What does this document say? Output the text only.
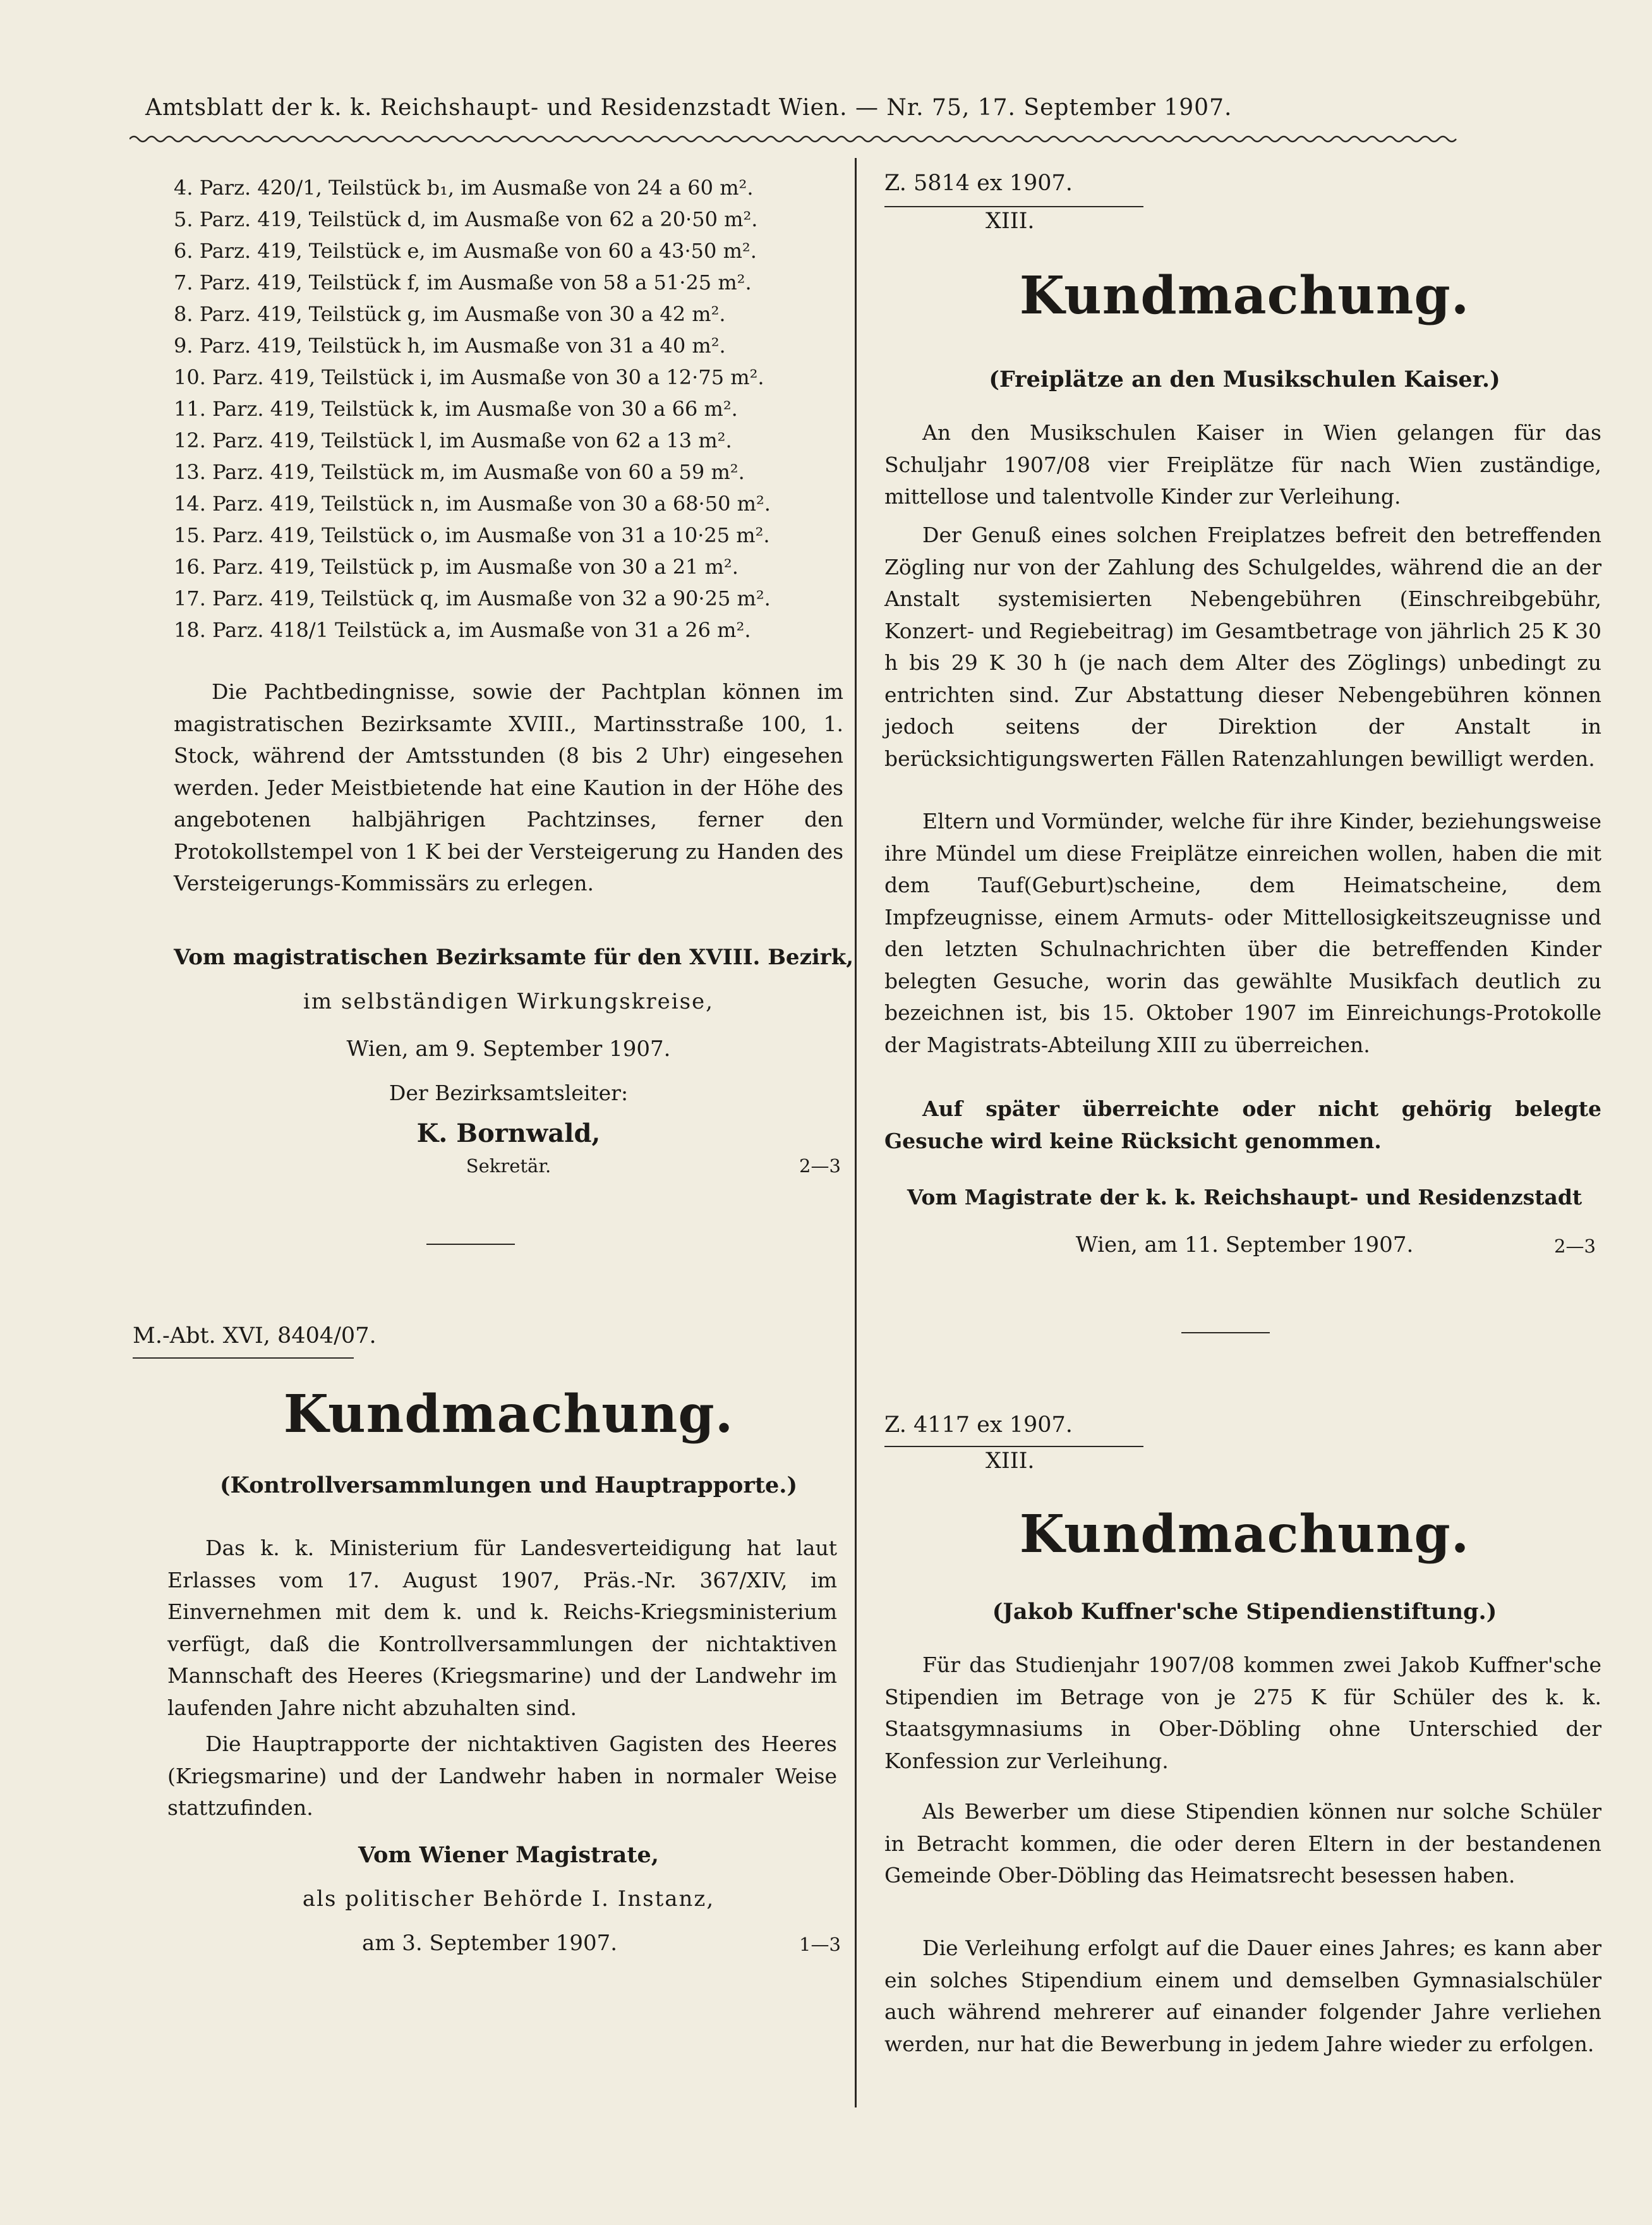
Amtsblatt der k. k. Reichshaupt- und Residenzstadt Wien. — Nr. 75, 17. September 1907.
4. Parz. 420/1, Teilstück b₁, im Ausmaße von 24 a 60 m².
5. Parz. 419, Teilstück d, im Ausmaße von 62 a 20·50 m².
6. Parz. 419, Teilstück e, im Ausmaße von 60 a 43·50 m².
7. Parz. 419, Teilstück f, im Ausmaße von 58 a 51·25 m².
8. Parz. 419, Teilstück g, im Ausmaße von 30 a 42 m².
9. Parz. 419, Teilstück h, im Ausmaße von 31 a 40 m².
10. Parz. 419, Teilstück i, im Ausmaße von 30 a 12·75 m².
11. Parz. 419, Teilstück k, im Ausmaße von 30 a 66 m².
12. Parz. 419, Teilstück l, im Ausmaße von 62 a 13 m².
13. Parz. 419, Teilstück m, im Ausmaße von 60 a 59 m².
14. Parz. 419, Teilstück n, im Ausmaße von 30 a 68·50 m².
15. Parz. 419, Teilstück o, im Ausmaße von 31 a 10·25 m².
16. Parz. 419, Teilstück p, im Ausmaße von 30 a 21 m².
17. Parz. 419, Teilstück q, im Ausmaße von 32 a 90·25 m².
18. Parz. 418/1 Teilstück a, im Ausmaße von 31 a 26 m².
Die Pachtbedingnisse, sowie der Pachtplan können im magistratischen Bezirksamte XVIII., Martinsstraße 100, 1. Stock, während der Amtsstunden (8 bis 2 Uhr) eingesehen werden. Jeder Meistbietende hat eine Kaution in der Höhe des angebotenen halbjährigen Pachtzinses, ferner den Protokollstempel von 1 K bei der Versteigerung zu Handen des Versteigerungs-Kommissärs zu erlegen.
Vom magistratischen Bezirksamte für den XVIII. Bezirk,
im selbständigen Wirkungskreise,
Wien, am 9. September 1907.
Der Bezirksamtsleiter:
K. Bornwald,
Sekretär.	2—3
M.-Abt. XVI, 8404/07.
Kundmachung.
(Kontrollversammlungen und Hauptrapporte.)
Das k. k. Ministerium für Landesverteidigung hat laut Erlasses vom 17. August 1907, Präs.-Nr. 367/XIV, im Einvernehmen mit dem k. und k. Reichs-Kriegsministerium verfügt, daß die Kontrollversammlungen der nichtaktiven Mannschaft des Heeres (Kriegsmarine) und der Landwehr im laufenden Jahre nicht abzuhalten sind.
Die Hauptrapporte der nichtaktiven Gagisten des Heeres (Kriegsmarine) und der Landwehr haben in normaler Weise stattzufinden.
Vom Wiener Magistrate,
als politischer Behörde I. Instanz,
am 3. September 1907.	1—3
Z. 5814 ex 1907.
XIII.
Kundmachung.
(Freiplätze an den Musikschulen Kaiser.)
An den Musikschulen Kaiser in Wien gelangen für das Schuljahr 1907/08 vier Freiplätze für nach Wien zuständige, mittellose und talentvolle Kinder zur Verleihung.
Der Genuß eines solchen Freiplatzes befreit den betreffenden Zögling nur von der Zahlung des Schulgeldes, während die an der Anstalt systemisierten Nebengebühren (Einschreibgebühr, Konzert- und Regiebeitrag) im Gesamtbetrage von jährlich 25 K 30 h bis 29 K 30 h (je nach dem Alter des Zöglings) unbedingt zu entrichten sind. Zur Abstattung dieser Nebengebühren können jedoch seitens der Direktion der Anstalt in berücksichtigungswerten Fällen Ratenzahlungen bewilligt werden.
Eltern und Vormünder, welche für ihre Kinder, beziehungsweise ihre Mündel um diese Freiplätze einreichen wollen, haben die mit dem Tauf(Geburt)scheine, dem Heimatscheine, dem Impfzeugnisse, einem Armuts- oder Mittellosigkeitszeugnisse und den letzten Schulnachrichten über die betreffenden Kinder belegten Gesuche, worin das gewählte Musikfach deutlich zu bezeichnen ist, bis 15. Oktober 1907 im Einreichungs-Protokolle der Magistrats-Abteilung XIII zu überreichen.
Auf später überreichte oder nicht gehörig belegte Gesuche wird keine Rücksicht genommen.
Vom Magistrate der k. k. Reichshaupt- und Residenzstadt
Wien, am 11. September 1907.	2—3
Z. 4117 ex 1907.
XIII.
Kundmachung.
(Jakob Kuffner'sche Stipendienstiftung.)
Für das Studienjahr 1907/08 kommen zwei Jakob Kuffner'sche Stipendien im Betrage von je 275 K für Schüler des k. k. Staatsgymnasiums in Ober-Döbling ohne Unterschied der Konfession zur Verleihung.
Als Bewerber um diese Stipendien können nur solche Schüler in Betracht kommen, die oder deren Eltern in der bestandenen Gemeinde Ober-Döbling das Heimatsrecht besessen haben.
Die Verleihung erfolgt auf die Dauer eines Jahres; es kann aber ein solches Stipendium einem und demselben Gymnasialschüler auch während mehrerer auf einander folgender Jahre verliehen werden, nur hat die Bewerbung in jedem Jahre wieder zu erfolgen.
